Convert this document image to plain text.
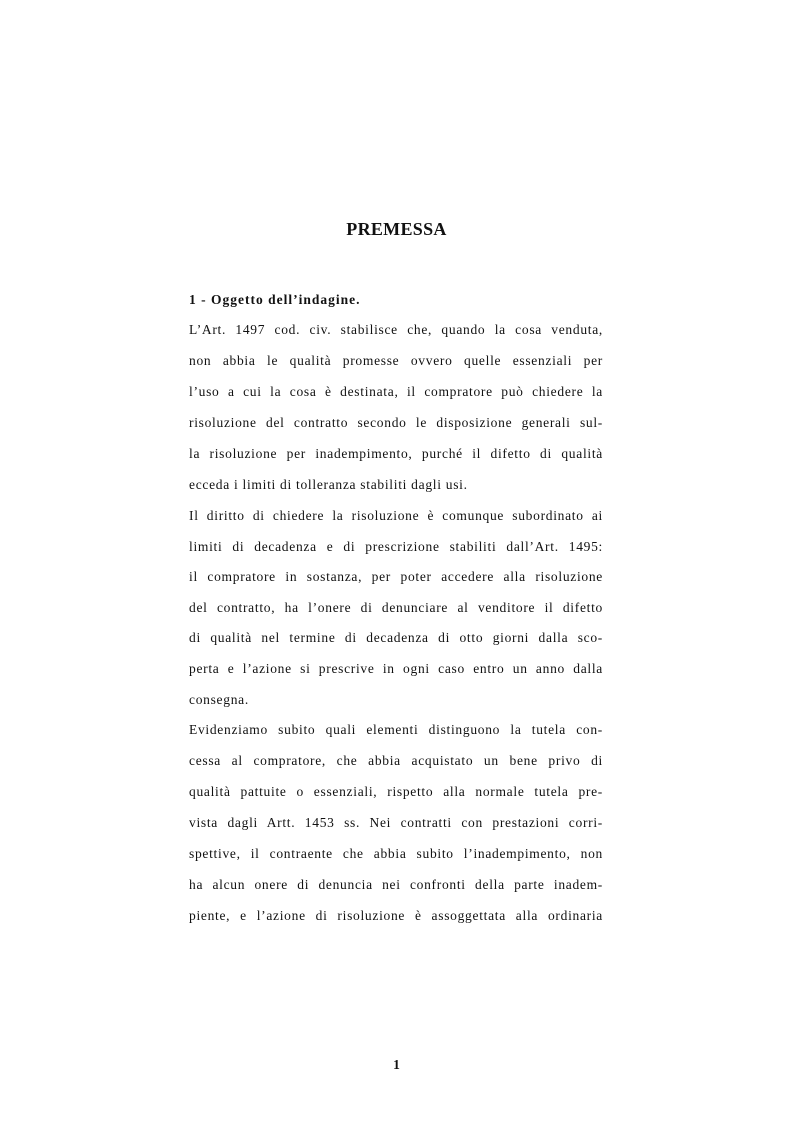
PREMESSA
1 - Oggetto dell’indagine.
L’Art. 1497 cod. civ. stabilisce che, quando la cosa venduta,
non abbia le qualità promesse ovvero quelle essenziali per
l’uso a cui la cosa è destinata, il compratore può chiedere la
risoluzione del contratto secondo le disposizione generali sul-
la risoluzione per inadempimento, purché il difetto di qualità
ecceda i limiti di tolleranza stabiliti dagli usi.
Il diritto di chiedere la risoluzione è comunque subordinato ai
limiti di decadenza e di prescrizione stabiliti dall’Art. 1495:
il compratore in sostanza, per poter accedere alla risoluzione
del contratto, ha l’onere di denunciare al venditore il difetto
di qualità nel termine di decadenza di otto giorni dalla sco-
perta e l’azione si prescrive in ogni caso entro un anno dalla
consegna.
Evidenziamo subito quali elementi distinguono la tutela con-
cessa al compratore, che abbia acquistato un bene privo di
qualità pattuite o essenziali, rispetto alla normale tutela pre-
vista dagli Artt. 1453 ss. Nei contratti con prestazioni corri-
spettive, il contraente che abbia subito l’inadempimento, non
ha alcun onere di denuncia nei confronti della parte inadem-
piente, e l’azione di risoluzione è assoggettata alla ordinaria
1
